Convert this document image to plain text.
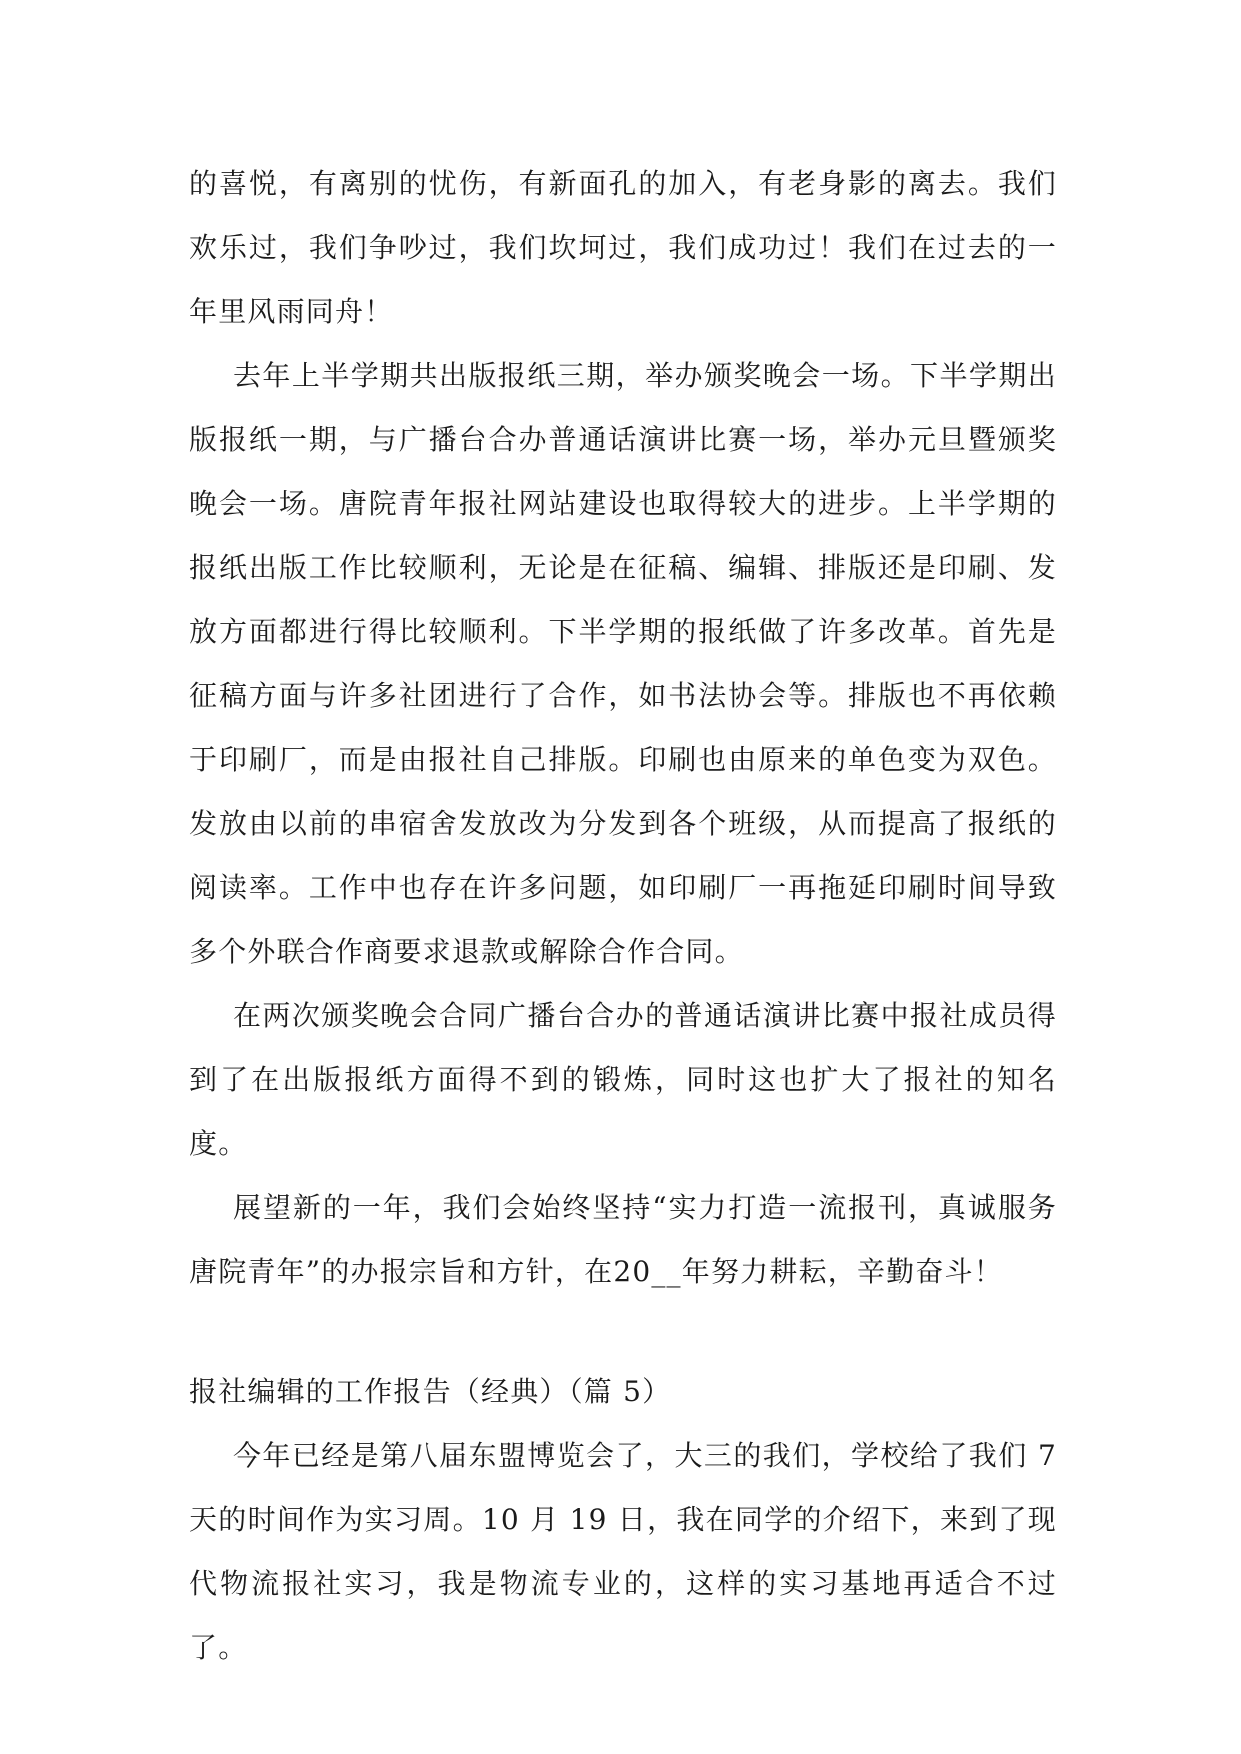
的喜悦，有离别的忧伤，有新面孔的加入，有老身影的离去。我们欢乐过，我们争吵过，我们坎坷过，我们成功过！我们在过去的一年里风雨同舟！

去年上半学期共出版报纸三期，举办颁奖晚会一场。下半学期出版报纸一期，与广播台合办普通话演讲比赛一场，举办元旦暨颁奖晚会一场。唐院青年报社网站建设也取得较大的进步。上半学期的报纸出版工作比较顺利，无论是在征稿、编辑、排版还是印刷、发放方面都进行得比较顺利。下半学期的报纸做了许多改革。首先是征稿方面与许多社团进行了合作，如书法协会等。排版也不再依赖于印刷厂，而是由报社自己排版。印刷也由原来的单色变为双色。发放由以前的串宿舍发放改为分发到各个班级，从而提高了报纸的阅读率。工作中也存在许多问题，如印刷厂一再拖延印刷时间导致多个外联合作商要求退款或解除合作合同。

在两次颁奖晚会合同广播台合办的普通话演讲比赛中报社成员得到了在出版报纸方面得不到的锻炼，同时这也扩大了报社的知名度。

展望新的一年，我们会始终坚持“实力打造一流报刊，真诚服务唐院青年”的办报宗旨和方针，在20__年努力耕耘，辛勤奋斗！

报社编辑的工作报告（经典）（篇 5）

今年已经是第八届东盟博览会了，大三的我们，学校给了我们 7 天的时间作为实习周。10 月 19 日，我在同学的介绍下，来到了现代物流报社实习，我是物流专业的，这样的实习基地再适合不过了。
